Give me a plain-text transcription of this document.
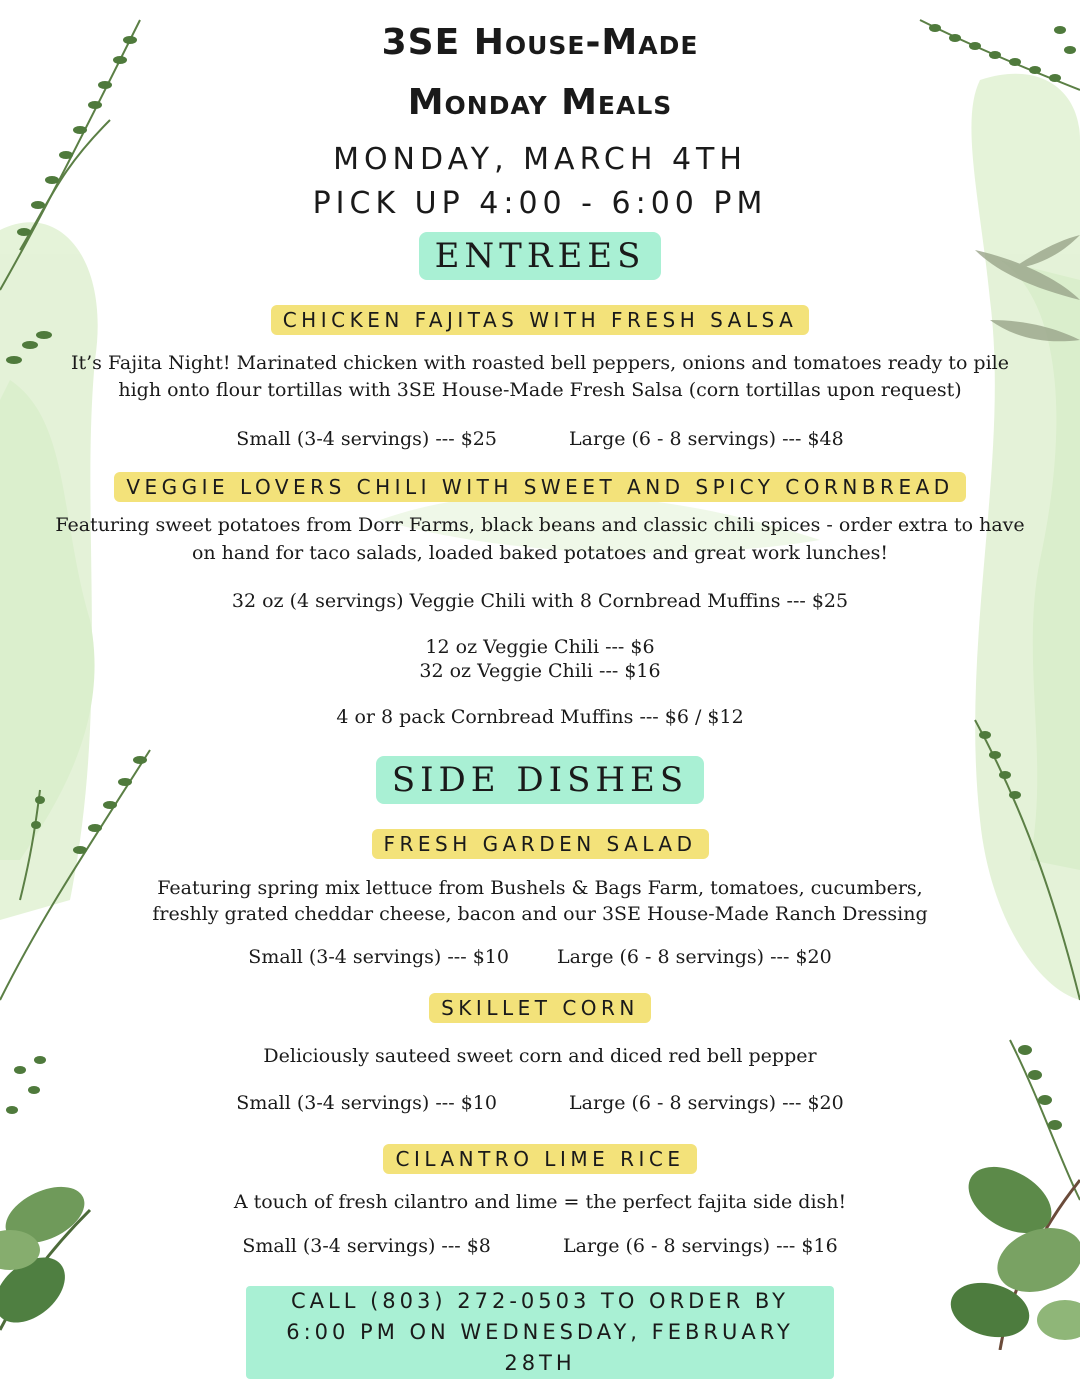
3SE House-Made
Monday Meals
MONDAY, MARCH 4TH
PICK UP 4:00 - 6:00 PM
ENTREES
CHICKEN FAJITAS WITH FRESH SALSA
It’s Fajita Night! Marinated chicken with roasted bell peppers, onions and tomatoes ready to pile
high onto flour tortillas with 3SE House-Made Fresh Salsa (corn tortillas upon request)
Small (3-4 servings) --- $25	Large (6 - 8 servings) --- $48
VEGGIE LOVERS CHILI WITH SWEET AND SPICY CORNBREAD
Featuring sweet potatoes from Dorr Farms, black beans and classic chili spices - order extra to have
on hand for taco salads, loaded baked potatoes and great work lunches!
32 oz (4 servings) Veggie Chili with 8 Cornbread Muffins --- $25
12 oz Veggie Chili --- $6
32 oz Veggie Chili --- $16
4 or 8 pack Cornbread Muffins --- $6 / $12
SIDE DISHES
FRESH GARDEN SALAD
Featuring spring mix lettuce from Bushels & Bags Farm, tomatoes, cucumbers,
freshly grated cheddar cheese, bacon and our 3SE House-Made Ranch Dressing
Small (3-4 servings) --- $10	Large (6 - 8 servings) --- $20
SKILLET CORN
Deliciously sauteed sweet corn and diced red bell pepper
Small (3-4 servings) --- $10	Large (6 - 8 servings) --- $20
CILANTRO LIME RICE
A touch of fresh cilantro and lime = the perfect fajita side dish!
Small (3-4 servings) --- $8	Large (6 - 8 servings) --- $16
CALL (803) 272-0503 TO ORDER BY
6:00 PM ON WEDNESDAY, FEBRUARY 28TH
